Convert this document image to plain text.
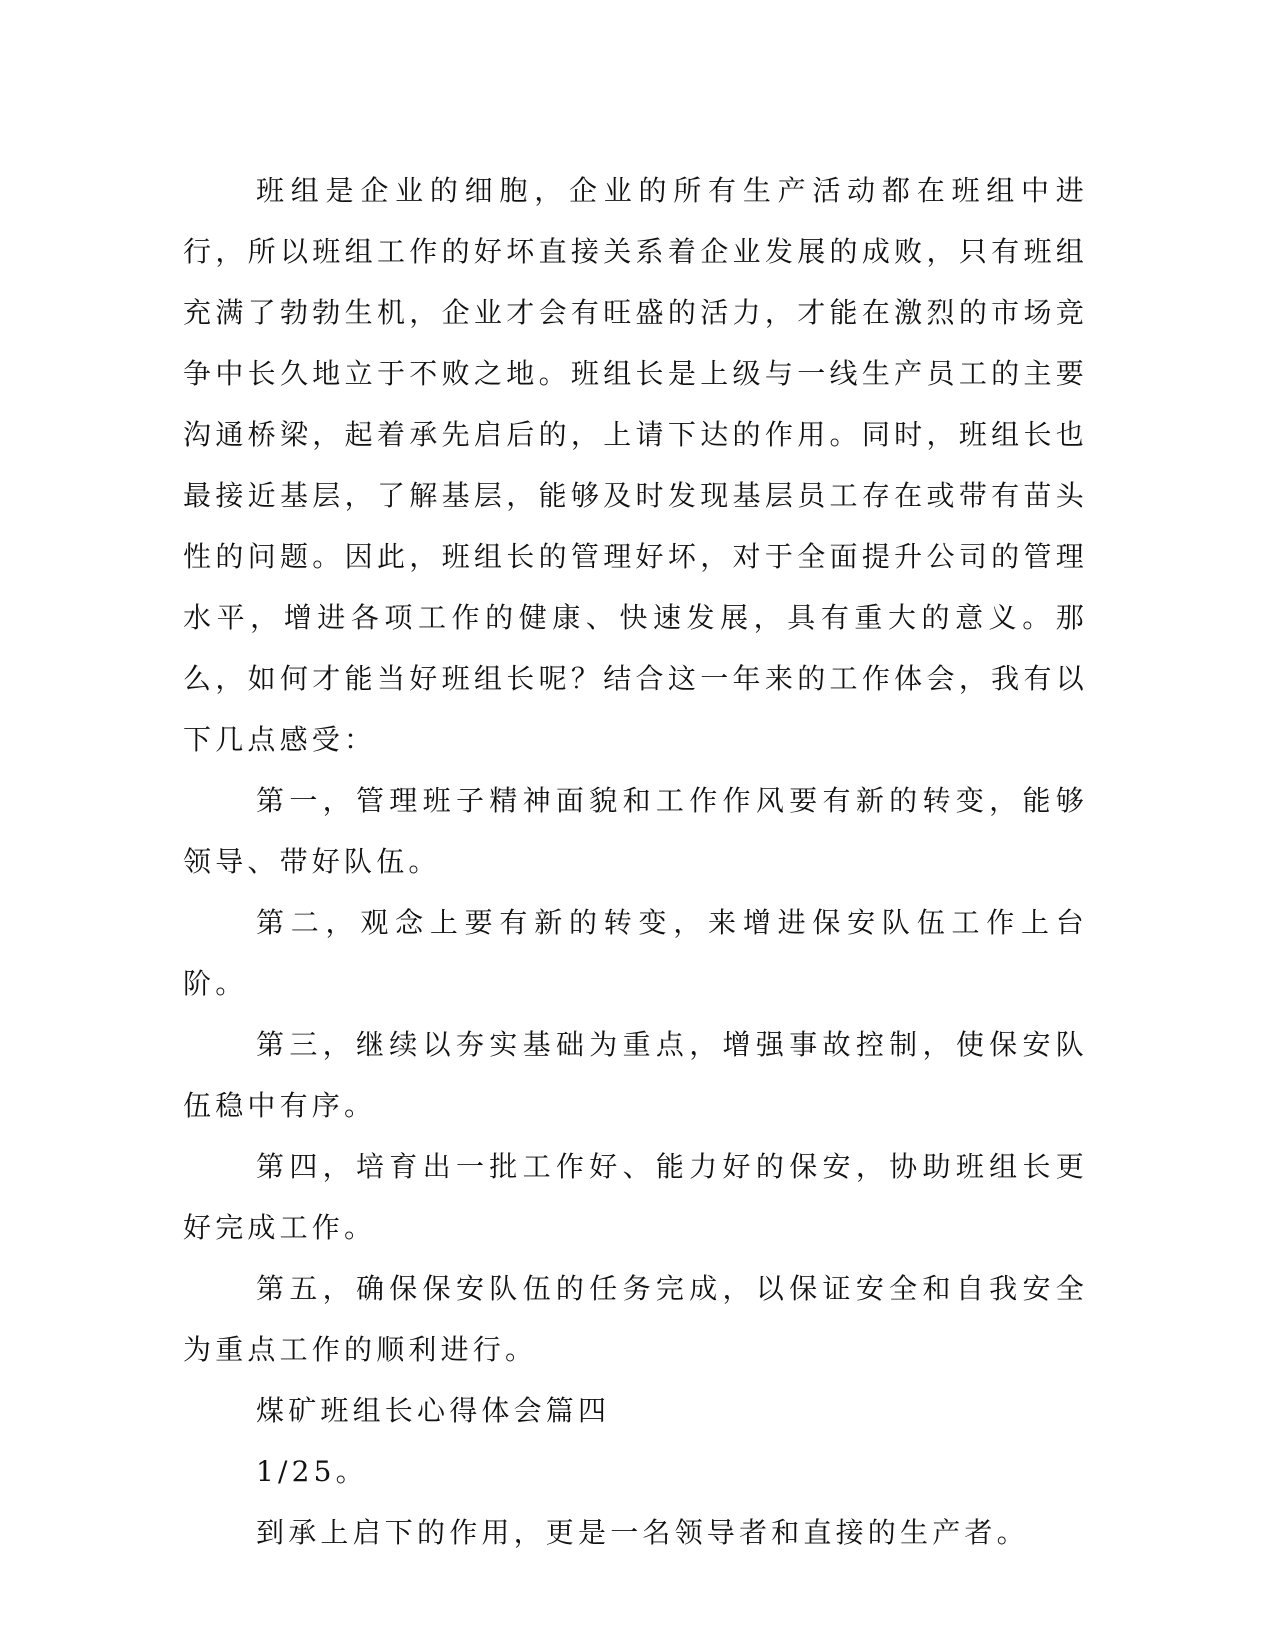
班组是企业的细胞，企业的所有生产活动都在班组中进行，所以班组工作的好坏直接关系着企业发展的成败，只有班组充满了勃勃生机，企业才会有旺盛的活力，才能在激烈的市场竞争中长久地立于不败之地。班组长是上级与一线生产员工的主要沟通桥梁，起着承先启后的，上请下达的作用。同时，班组长也最接近基层，了解基层，能够及时发现基层员工存在或带有苗头性的问题。因此，班组长的管理好坏，对于全面提升公司的管理水平，增进各项工作的健康、快速发展，具有重大的意义。那么，如何才能当好班组长呢？结合这一年来的工作体会，我有以下几点感受：

第一，管理班子精神面貌和工作作风要有新的转变，能够领导、带好队伍。

第二，观念上要有新的转变，来增进保安队伍工作上台阶。

第三，继续以夯实基础为重点，增强事故控制，使保安队伍稳中有序。

第四，培育出一批工作好、能力好的保安，协助班组长更好完成工作。

第五，确保保安队伍的任务完成，以保证安全和自我安全为重点工作的顺利进行。

煤矿班组长心得体会篇四

1/25。

到承上启下的作用，更是一名领导者和直接的生产者。
